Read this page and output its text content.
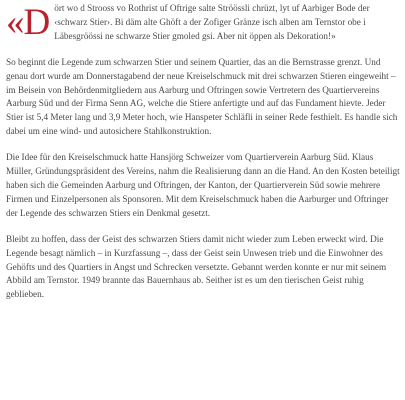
«Dört wo d Strooss vo Rothrist uf Oftrige salte Ströössli chrüzt, lyt uf Aarbiger Bode der ‹schwarz Stier›. Bi däm alte Ghöft a der Zofiger Gränze isch alben am Ternstor obe i Läbesgröössi ne schwarze Stier gmoled gsi. Aber nit öppen als Dekoration!»

So beginnt die Legende zum schwarzen Stier und seinem Quartier, das an die Bernstrasse grenzt. Und genau dort wurde am Donnerstagabend der neue Kreiselschmuck mit drei schwarzen Stieren eingeweiht – im Beisein von Behördenmitgliedern aus Aarburg und Oftringen sowie Vertretern des Quartiervereins Aarburg Süd und der Firma Senn AG, welche die Stiere anfertigte und auf das Fundament hievte. Jeder Stier ist 5,4 Meter lang und 3,9 Meter hoch, wie Hanspeter Schläfli in seiner Rede festhielt. Es handle sich dabei um eine wind- und autosichere Stahlkonstruktion.

Die Idee für den Kreiselschmuck hatte Hansjörg Schweizer vom Quartierverein Aarburg Süd. Klaus Müller, Gründungspräsident des Vereins, nahm die Realisierung dann an die Hand. An den Kosten beteiligt haben sich die Gemeinden Aarburg und Oftringen, der Kanton, der Quartierverein Süd sowie mehrere Firmen und Einzelpersonen als Sponsoren. Mit dem Kreiselschmuck haben die Aarburger und Oftringer der Legende des schwarzen Stiers ein Denkmal gesetzt.

Bleibt zu hoffen, dass der Geist des schwarzen Stiers damit nicht wieder zum Leben erweckt wird. Die Legende besagt nämlich – in Kurzfassung –, dass der Geist sein Unwesen trieb und die Einwohner des Gehöfts und des Quartiers in Angst und Schrecken versetzte. Gebannt werden konnte er nur mit seinem Abbild am Ternstor. 1949 brannte das Bauernhaus ab. Seither ist es um den tierischen Geist ruhig geblieben.
